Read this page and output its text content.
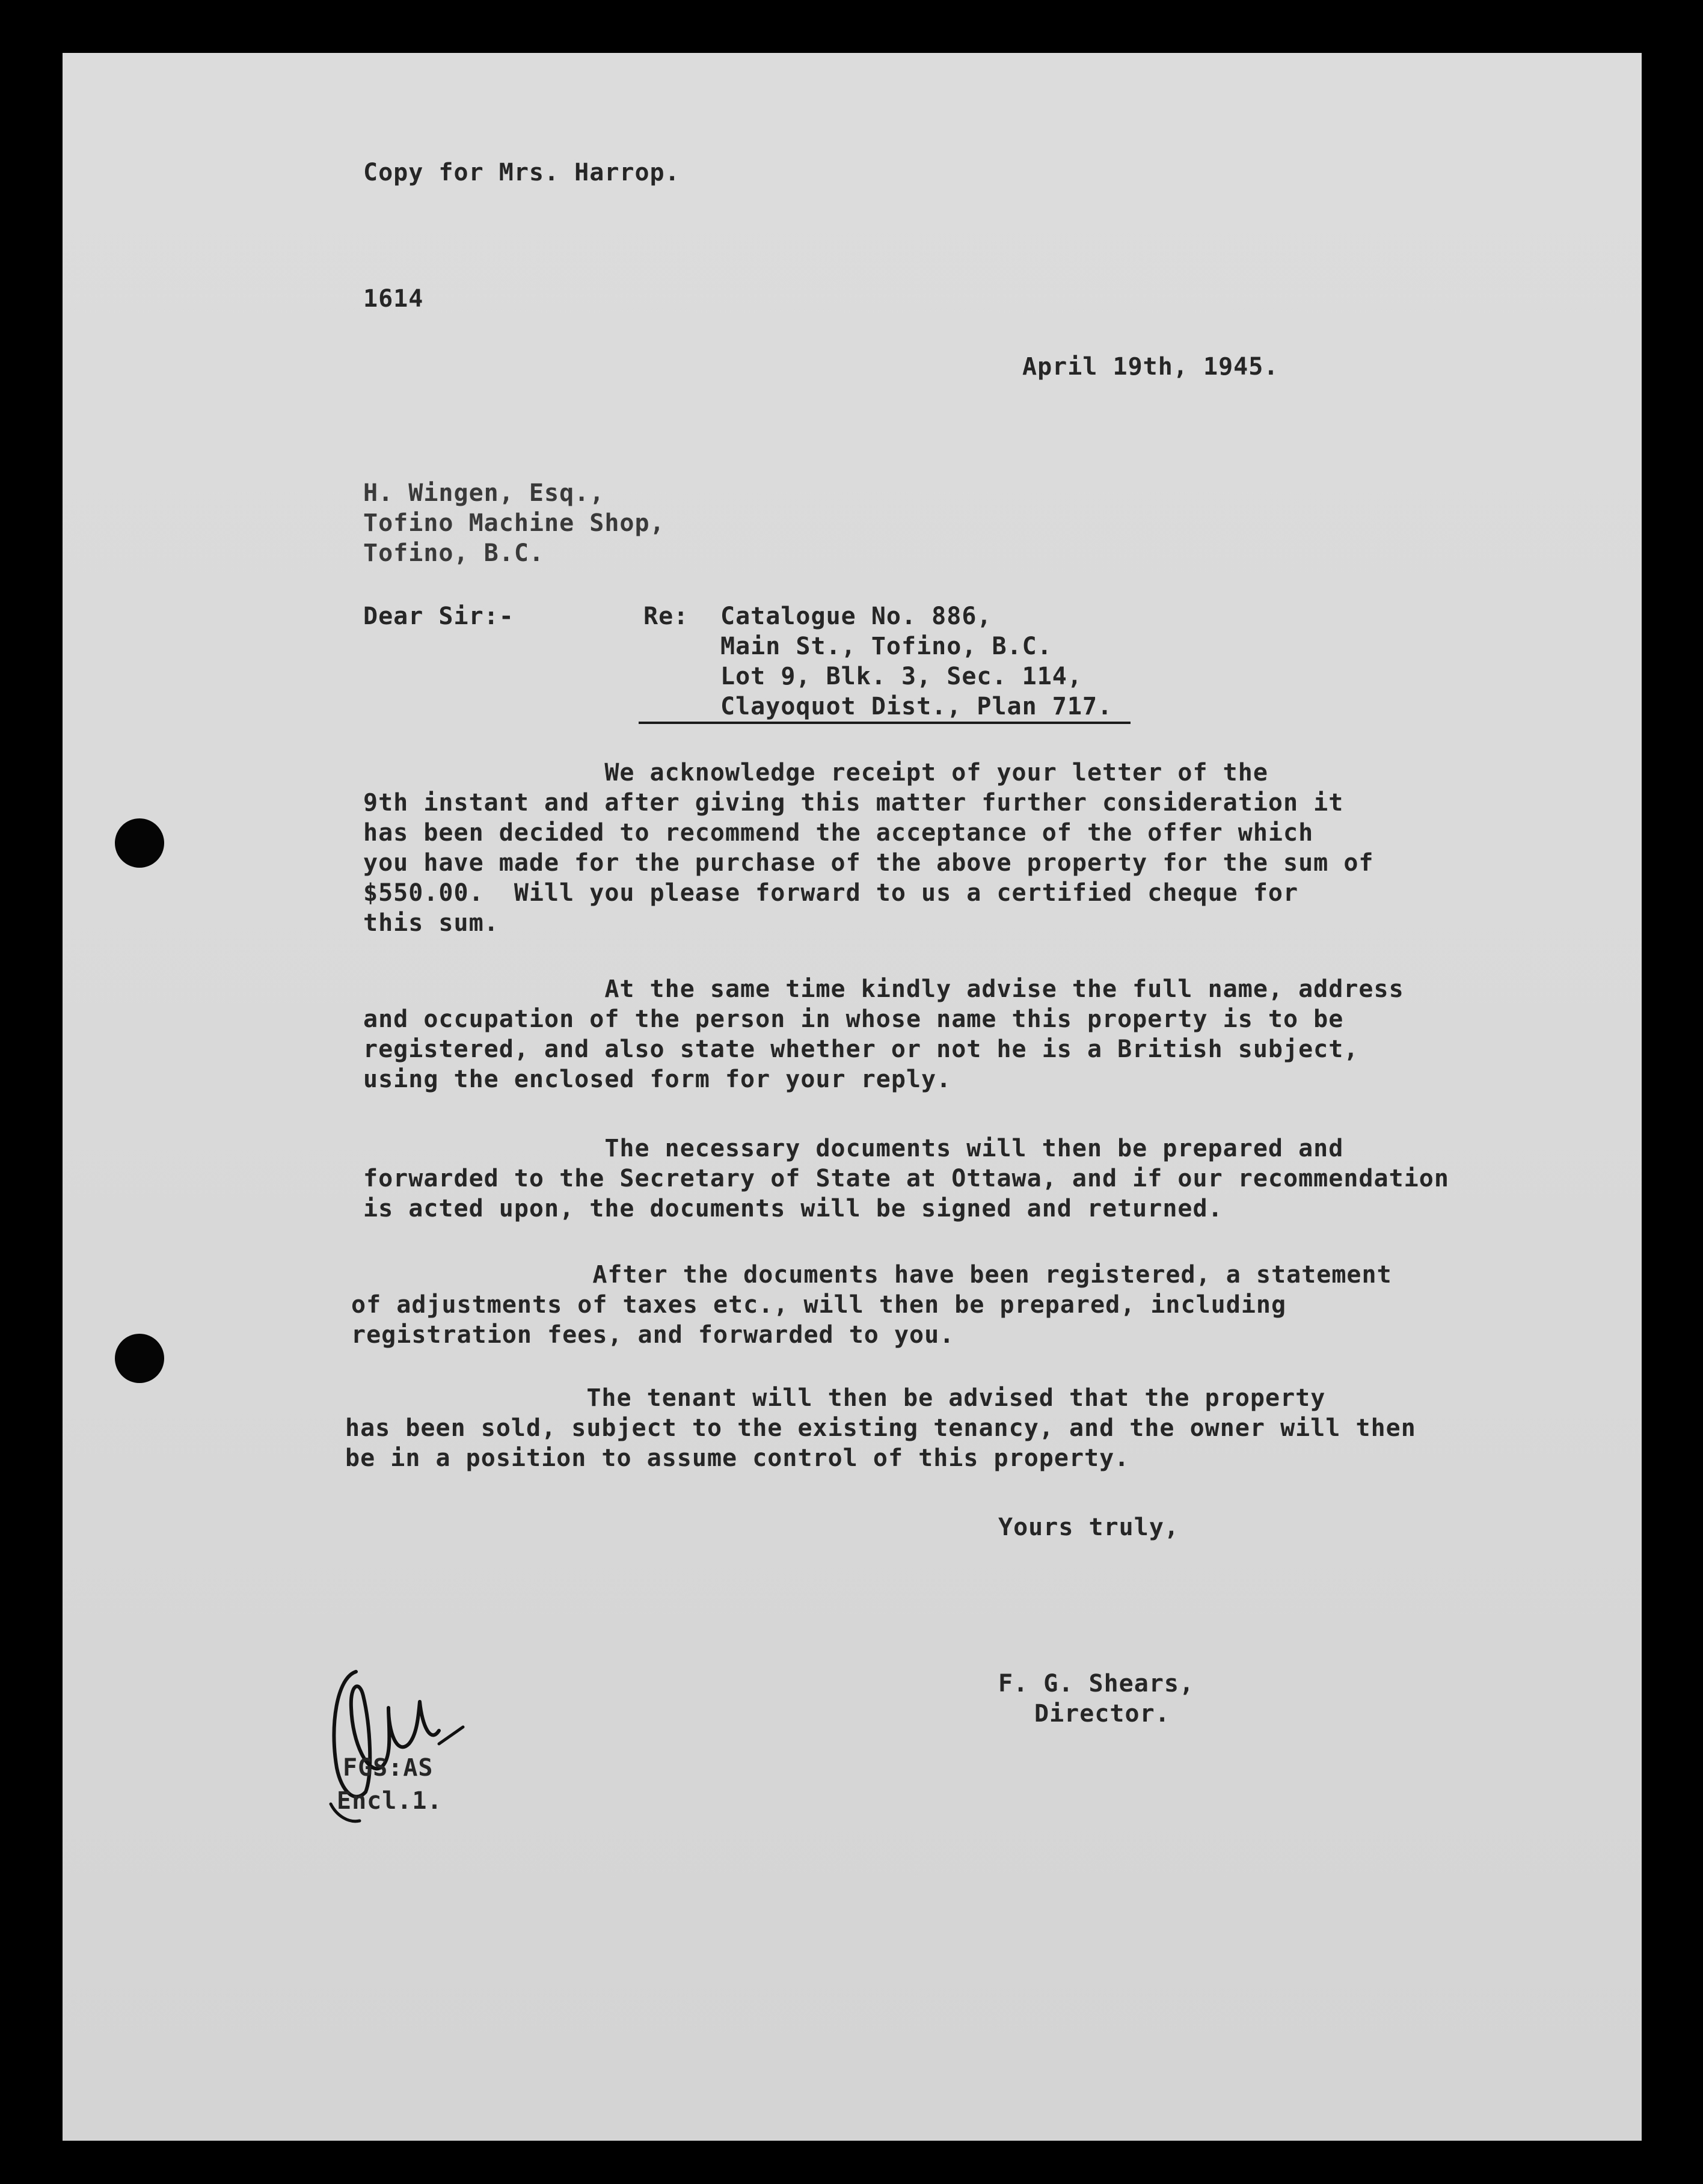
Copy for Mrs. Harrop.

1614

April 19th, 1945.

H. Wingen, Esq.,

Tofino Machine Shop,

Tofino, B.C.

Dear Sir:-	Re: Catalogue No. 886,

Main St., Tofino, B.C.

Lot 9, Blk. 3, Sec. 114,

Clayoquot Dist., Plan 717.

We acknowledge receipt of your letter of the
9th instant and after giving this matter further consideration it
has been decided to recommend the acceptance of the offer which
you have made for the purchase of the above property for the sum of
$550.00.  Will you please forward to us a certified cheque for
this sum.

At the same time kindly advise the full name, address
and occupation of the person in whose name this property is to be
registered, and also state whether or not he is a British subject,
using the enclosed form for your reply.

The necessary documents will then be prepared and
forwarded to the Secretary of State at Ottawa, and if our recommendation
is acted upon, the documents will be signed and returned.

After the documents have been registered, a statement
of adjustments of taxes etc., will then be prepared, including
registration fees, and forwarded to you.

The tenant will then be advised that the property
has been sold, subject to the existing tenancy, and the owner will then
be in a position to assume control of this property.

Yours truly,

F. G. Shears,

Director.

FGS:AS

Encl.1.
